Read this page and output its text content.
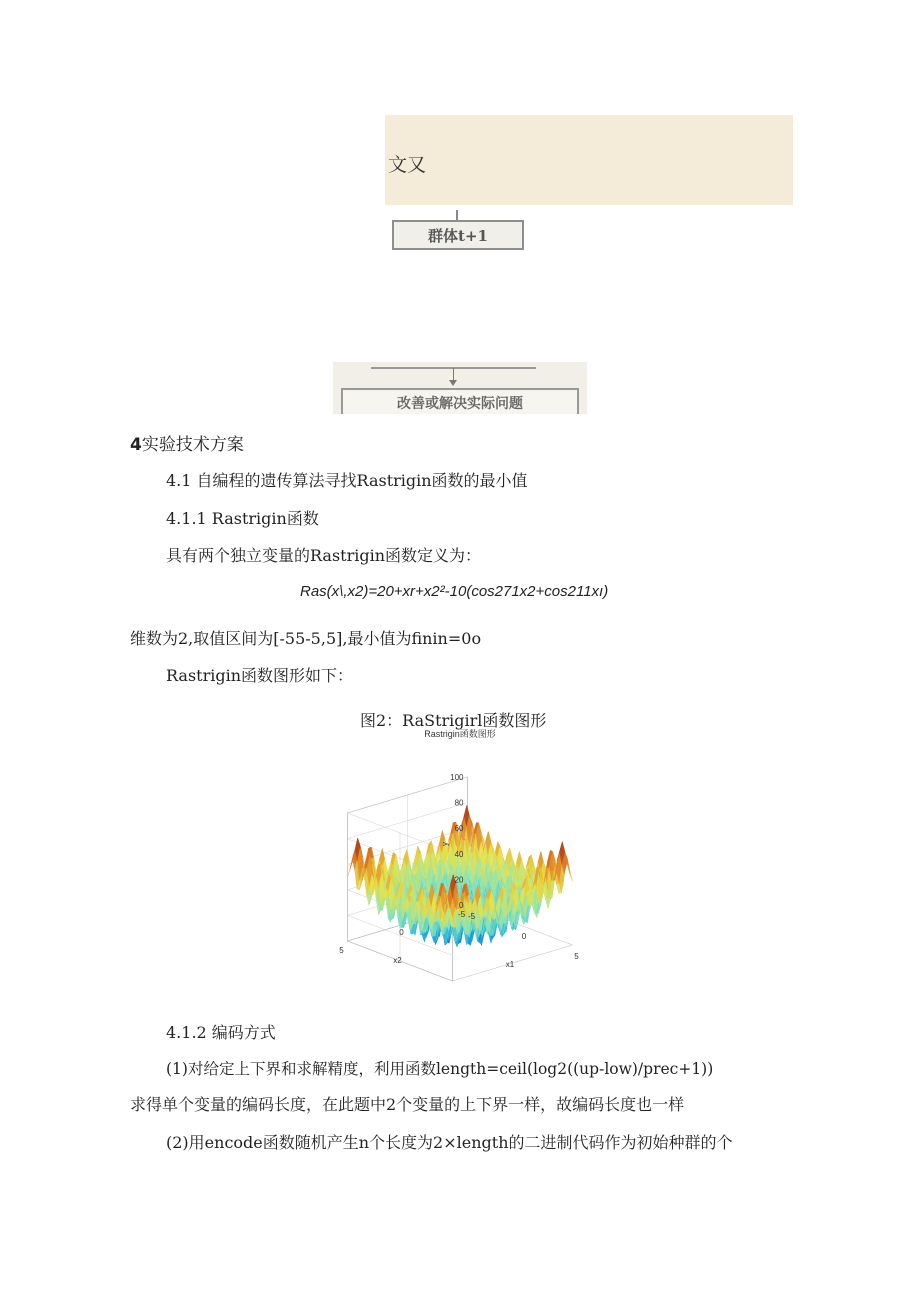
文又
群体t+1
改善或解决实际问题
4实验技术方案
4.1 自编程的遗传算法寻找Rastrigin函数的最小值
4.1.1 Rastrigin函数
具有两个独立变量的Rastrigin函数定义为：
Ras(x\,x2)=20+xr+x2²-10(cos271x2+cos211xı)
维数为2,取值区间为[-55-5,5],最小值为finin=0o
Rastrigin函数图形如下：
图2：RaStrigirl函数图形
Rastrigin函数图形
0
20
40
60
80
100
y
-5
0
5
x2
-5
0
5
x1
4.1.2 编码方式
(1)对给定上下界和求解精度，利用函数length=ceil(log2((up-low)/prec+1))
求得单个变量的编码长度，在此题中2个变量的上下界一样，故编码长度也一样
(2)用encode函数随机产生n个长度为2×length的二进制代码作为初始种群的个
